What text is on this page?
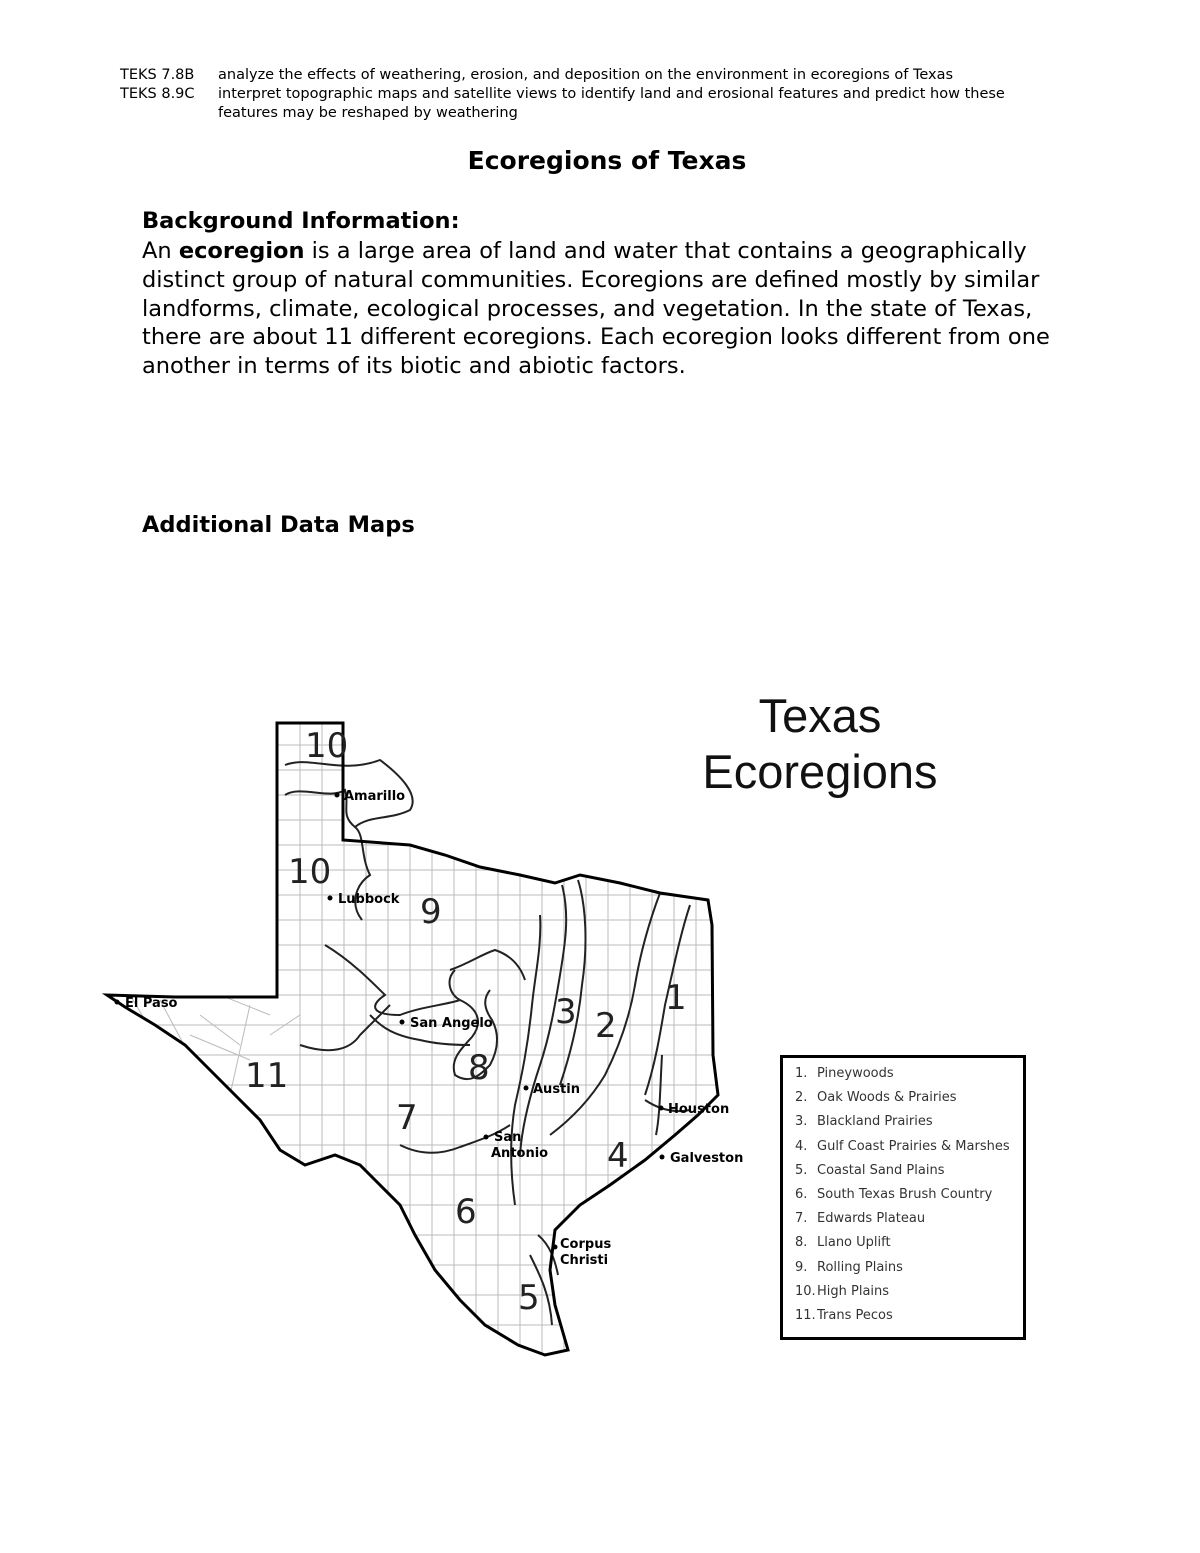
TEKS 7.8B analyze the effects of weathering, erosion, and deposition on the environment in ecoregions of Texas
TEKS 8.9C interpret topographic maps and satellite views to identify land and erosional features and predict how these
features may be reshaped by weathering
Ecoregions of Texas
Background Information:
An ecoregion is a large area of land and water that contains a geographically distinct group of natural communities. Ecoregions are defined mostly by similar landforms, climate, ecological processes, and vegetation. In the state of Texas, there are about 11 different ecoregions. Each ecoregion looks different from one another in terms of its biotic and abiotic factors.
Additional Data Maps
Texas
Ecoregions
10
10
9
1
2
3
8
11
7
4
6
5
Amarillo
Lubbock
El Paso
San Angelo
Austin
Houston
San
Antonio	Galveston
Corpus
Christi
1. Pineywoods
2. Oak Woods & Prairies
3. Blackland Prairies
4. Gulf Coast Prairies & Marshes
5. Coastal Sand Plains
6. South Texas Brush Country
7. Edwards Plateau
8. Llano Uplift
9. Rolling Plains
10.High Plains
11.Trans Pecos
